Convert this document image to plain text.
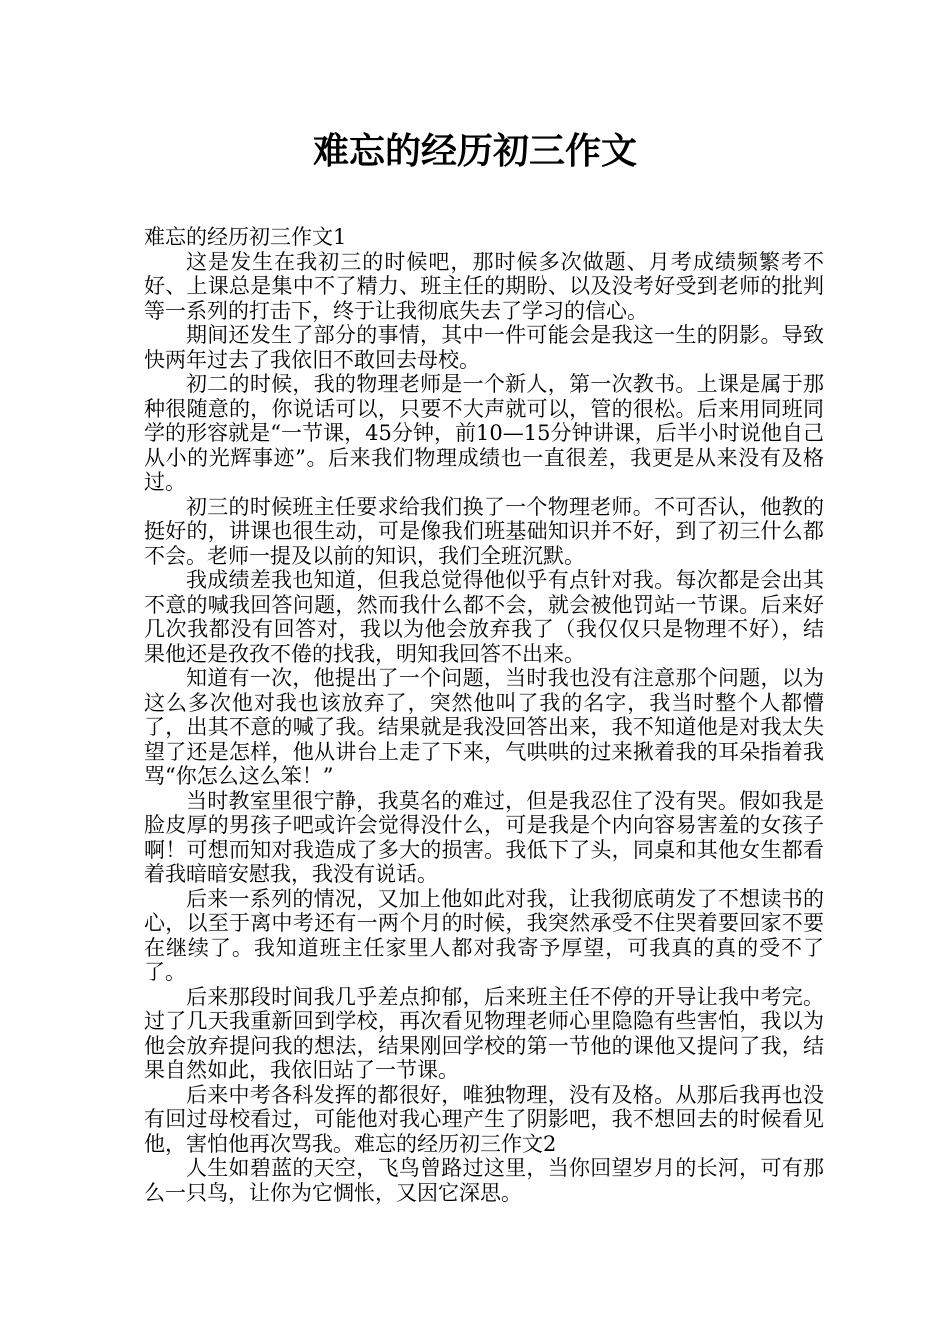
难忘的经历初三作文

难忘的经历初三作文1

这是发生在我初三的时候吧，那时候多次做题、月考成绩频繁考不好、上课总是集中不了精力、班主任的期盼、以及没考好受到老师的批判等一系列的打击下，终于让我彻底失去了学习的信心。

期间还发生了部分的事情，其中一件可能会是我这一生的阴影。导致快两年过去了我依旧不敢回去母校。

初二的时候，我的物理老师是一个新人，第一次教书。上课是属于那种很随意的，你说话可以，只要不大声就可以，管的很松。后来用同班同学的形容就是“一节课，45分钟，前10—15分钟讲课，后半小时说他自己从小的光辉事迹”。后来我们物理成绩也一直很差，我更是从来没有及格过。

初三的时候班主任要求给我们换了一个物理老师。不可否认，他教的挺好的，讲课也很生动，可是像我们班基础知识并不好，到了初三什么都不会。老师一提及以前的知识，我们全班沉默。

我成绩差我也知道，但我总觉得他似乎有点针对我。每次都是会出其不意的喊我回答问题，然而我什么都不会，就会被他罚站一节课。后来好几次我都没有回答对，我以为他会放弃我了（我仅仅只是物理不好），结果他还是孜孜不倦的找我，明知我回答不出来。

知道有一次，他提出了一个问题，当时我也没有注意那个问题，以为这么多次他对我也该放弃了，突然他叫了我的名字，我当时整个人都懵了，出其不意的喊了我。结果就是我没回答出来，我不知道他是对我太失望了还是怎样，他从讲台上走了下来，气哄哄的过来揪着我的耳朵指着我骂“你怎么这么笨！”

当时教室里很宁静，我莫名的难过，但是我忍住了没有哭。假如我是脸皮厚的男孩子吧或许会觉得没什么，可是我是个内向容易害羞的女孩子啊！可想而知对我造成了多大的损害。我低下了头，同桌和其他女生都看着我暗暗安慰我，我没有说话。

后来一系列的情况，又加上他如此对我，让我彻底萌发了不想读书的心，以至于离中考还有一两个月的时候，我突然承受不住哭着要回家不要在继续了。我知道班主任家里人都对我寄予厚望，可我真的真的受不了了。

后来那段时间我几乎差点抑郁，后来班主任不停的开导让我中考完。过了几天我重新回到学校，再次看见物理老师心里隐隐有些害怕，我以为他会放弃提问我的想法，结果刚回学校的第一节他的课他又提问了我，结果自然如此，我依旧站了一节课。

后来中考各科发挥的都很好，唯独物理，没有及格。从那后我再也没有回过母校看过，可能他对我心理产生了阴影吧，我不想回去的时候看见他，害怕他再次骂我。难忘的经历初三作文2

人生如碧蓝的天空，飞鸟曾路过这里，当你回望岁月的长河，可有那么一只鸟，让你为它惆怅，又因它深思。
